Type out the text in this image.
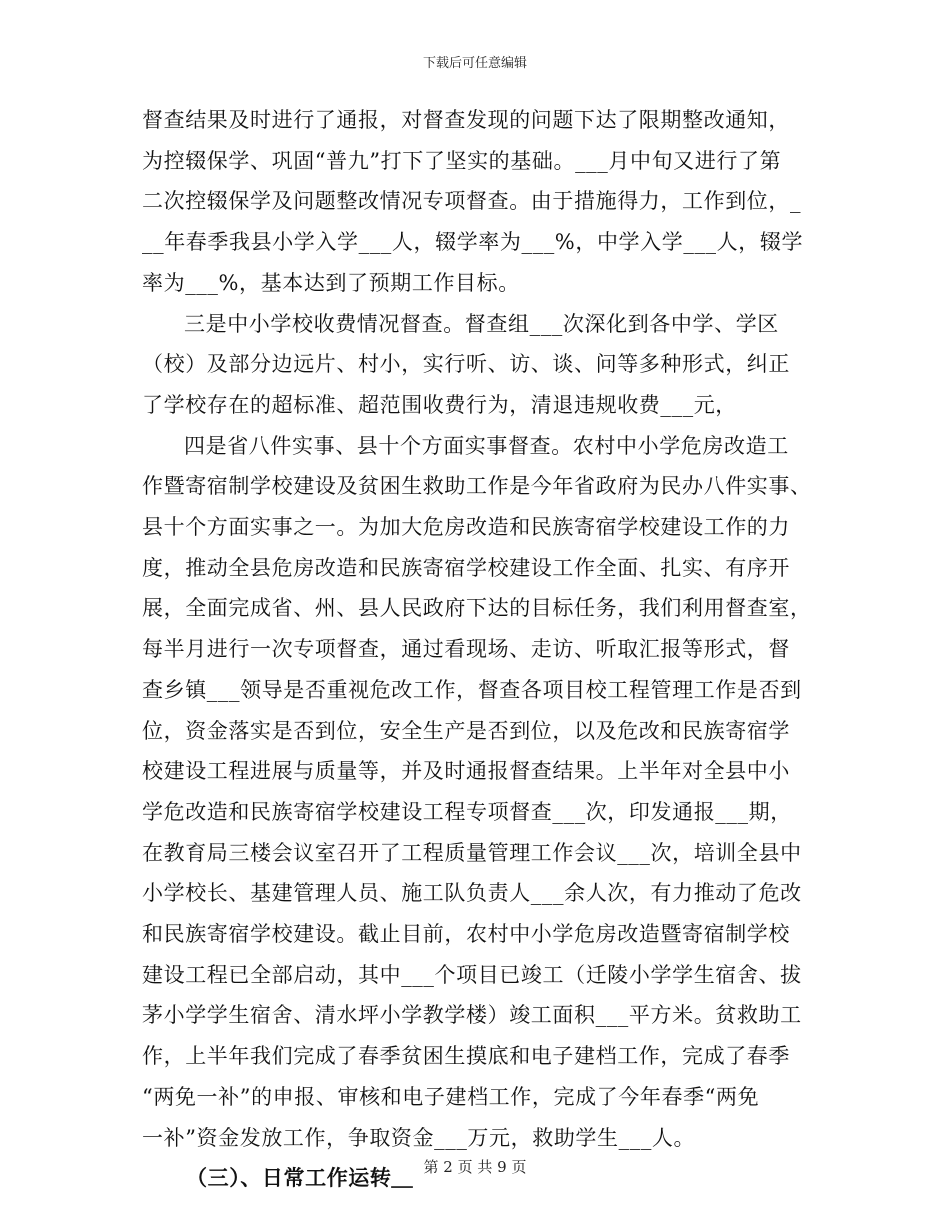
下载后可任意编辑

督查结果及时进行了通报，对督查发现的问题下达了限期整改通知，
为控辍保学、巩固“普九”打下了坚实的基础。___月中旬又进行了第
二次控辍保学及问题整改情况专项督查。由于措施得力，工作到位，_
__年春季我县小学入学___人，辍学率为___%，中学入学___人，辍学
率为___%，基本达到了预期工作目标。

三是中小学校收费情况督查。督查组___次深化到各中学、学区
（校）及部分边远片、村小，实行听、访、谈、问等多种形式，纠正
了学校存在的超标准、超范围收费行为，清退违规收费___元，

四是省八件实事、县十个方面实事督查。农村中小学危房改造工
作暨寄宿制学校建设及贫困生救助工作是今年省政府为民办八件实事、
县十个方面实事之一。为加大危房改造和民族寄宿学校建设工作的力
度，推动全县危房改造和民族寄宿学校建设工作全面、扎实、有序开
展，全面完成省、州、县人民政府下达的目标任务，我们利用督查室，
每半月进行一次专项督查，通过看现场、走访、听取汇报等形式，督
查乡镇___领导是否重视危改工作，督查各项目校工程管理工作是否到
位，资金落实是否到位，安全生产是否到位，以及危改和民族寄宿学
校建设工程进展与质量等，并及时通报督查结果。上半年对全县中小
学危改造和民族寄宿学校建设工程专项督查___次，印发通报___期，
在教育局三楼会议室召开了工程质量管理工作会议___次，培训全县中
小学校长、基建管理人员、施工队负责人___余人次，有力推动了危改
和民族寄宿学校建设。截止目前，农村中小学危房改造暨寄宿制学校
建设工程已全部启动，其中___个项目已竣工（迁陵小学学生宿舍、拔
茅小学学生宿舍、清水坪小学教学楼）竣工面积___平方米。贫救助工
作，上半年我们完成了春季贫困生摸底和电子建档工作，完成了春季
“两免一补”的申报、审核和电子建档工作，完成了今年春季“两免
一补”资金发放工作，争取资金___万元，救助学生___人。

（三）、日常工作运转＿ 第 2 页 共 9 页
